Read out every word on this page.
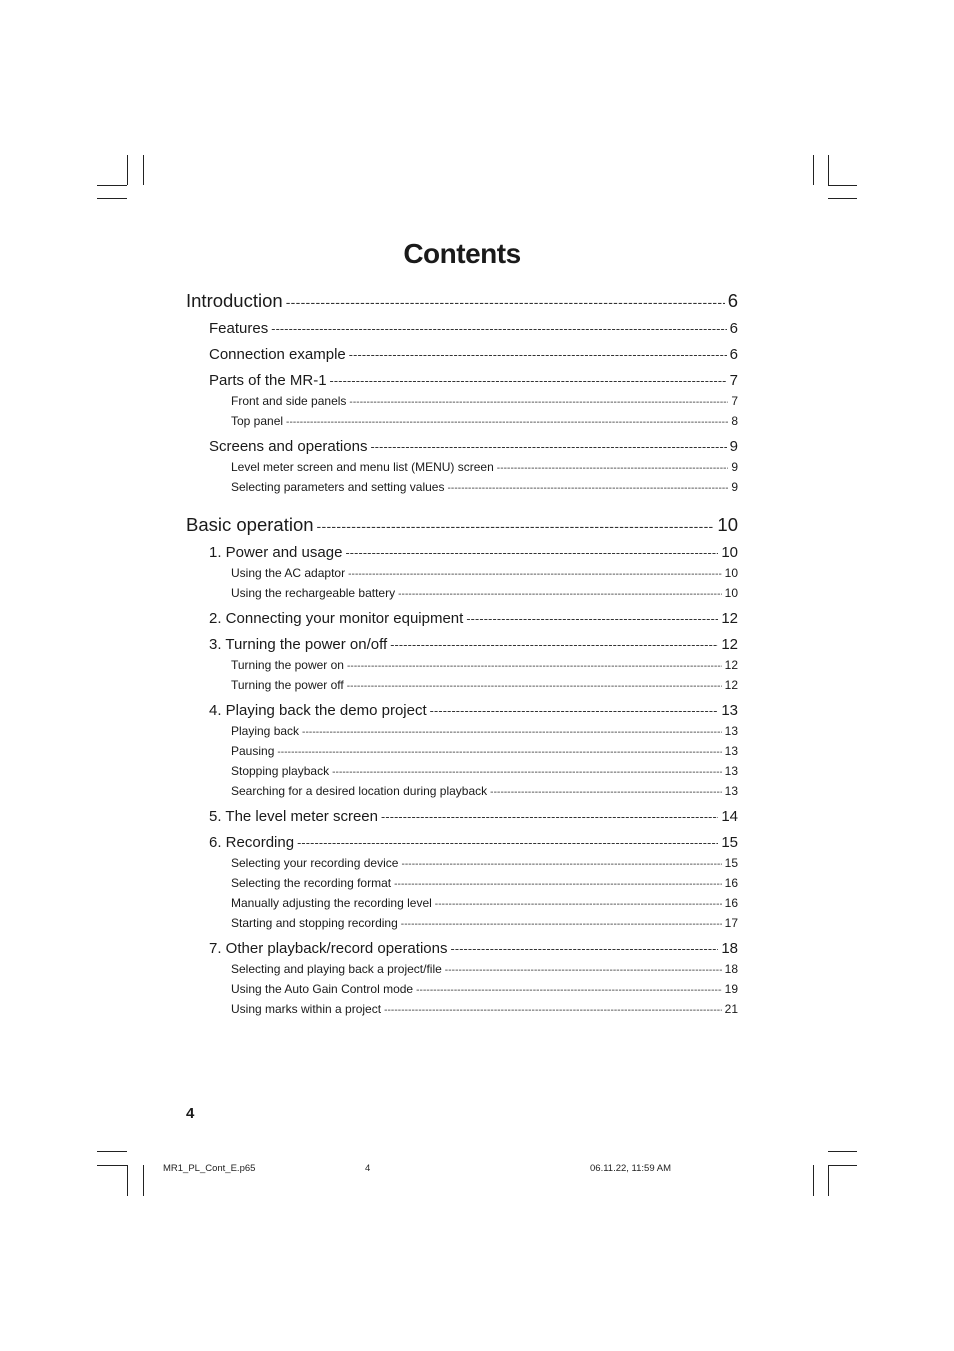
Contents
Introduction -----	6
Features -----	6
Connection example -----	6
Parts of the MR-1 -----	7
Front and side panels -----	7
Top panel -----	8
Screens and operations -----	9
Level meter screen and menu list (MENU) screen -----	9
Selecting parameters and setting values -----	9
Basic operation -----	10
1. Power and usage -----	10
Using the AC adaptor -----	10
Using the rechargeable battery -----	10
2. Connecting your monitor equipment -----	12
3. Turning the power on/off -----	12
Turning the power on -----	12
Turning the power off -----	12
4. Playing back the demo project -----	13
Playing back -----	13
Pausing -----	13
Stopping playback -----	13
Searching for a desired location during playback -----	13
5. The level meter screen -----	14
6. Recording -----	15
Selecting your recording device -----	15
Selecting the recording format -----	16
Manually adjusting the recording level -----	16
Starting and stopping recording -----	17
7. Other playback/record operations -----	18
Selecting and playing back a project/file -----	18
Using the Auto Gain Control mode -----	19
Using marks within a project -----	21
4
MR1_PL_Cont_E.p65	4	06.11.22, 11:59 AM
